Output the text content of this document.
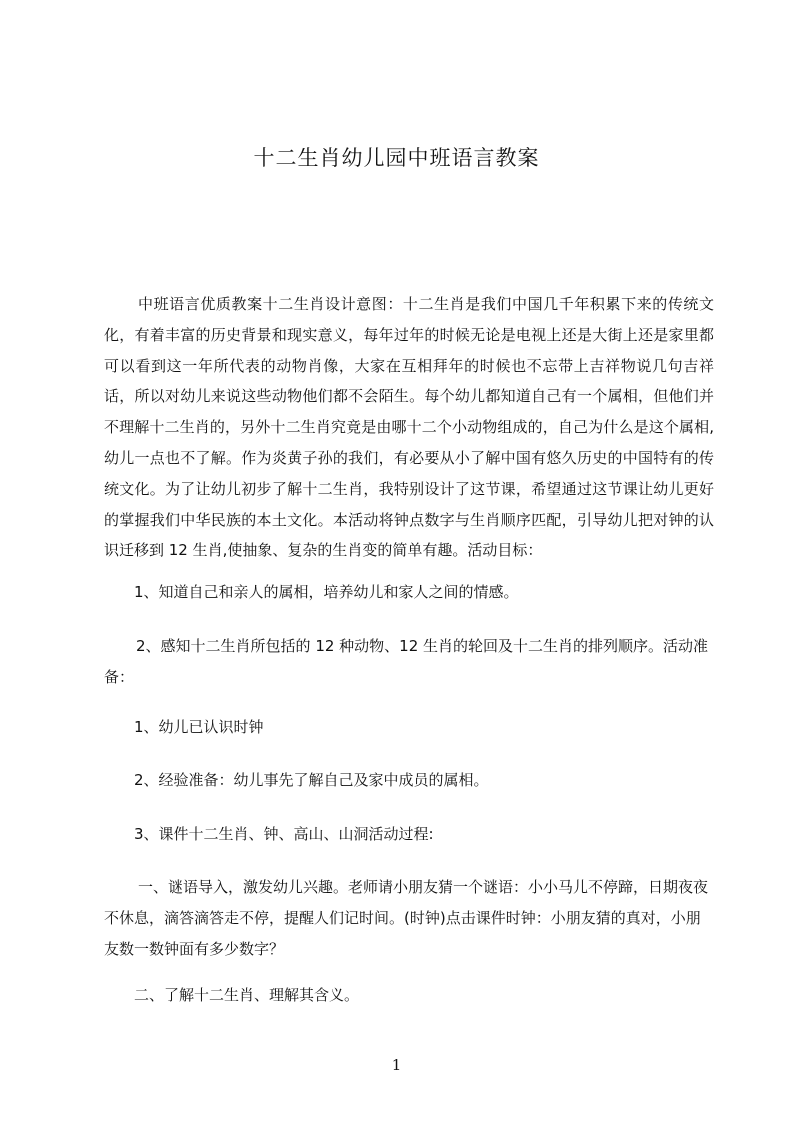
十二生肖幼儿园中班语言教案

中班语言优质教案十二生肖设计意图：十二生肖是我们中国几千年积累下来的传统文化，有着丰富的历史背景和现实意义，每年过年的时候无论是电视上还是大街上还是家里都可以看到这一年所代表的动物肖像，大家在互相拜年的时候也不忘带上吉祥物说几句吉祥话，所以对幼儿来说这些动物他们都不会陌生。每个幼儿都知道自己有一个属相，但他们并不理解十二生肖的，另外十二生肖究竟是由哪十二个小动物组成的，自己为什么是这个属相,幼儿一点也不了解。作为炎黄子孙的我们，有必要从小了解中国有悠久历史的中国特有的传统文化。为了让幼儿初步了解十二生肖，我特别设计了这节课，希望通过这节课让幼儿更好的掌握我们中华民族的本土文化。本活动将钟点数字与生肖顺序匹配，引导幼儿把对钟的认识迁移到 12 生肖,使抽象、复杂的生肖变的简单有趣。活动目标：

1、知道自己和亲人的属相，培养幼儿和家人之间的情感。

2、感知十二生肖所包括的 12 种动物、12 生肖的轮回及十二生肖的排列顺序。活动准备：

1、幼儿已认识时钟

2、经验准备：幼儿事先了解自己及家中成员的属相。

3、课件十二生肖、钟、高山、山洞活动过程:

一、谜语导入，激发幼儿兴趣。老师请小朋友猜一个谜语：小小马儿不停蹄，日期夜夜不休息，滴答滴答走不停，提醒人们记时间。(时钟)点击课件时钟：小朋友猜的真对，小朋友数一数钟面有多少数字？

二、了解十二生肖、理解其含义。

1
